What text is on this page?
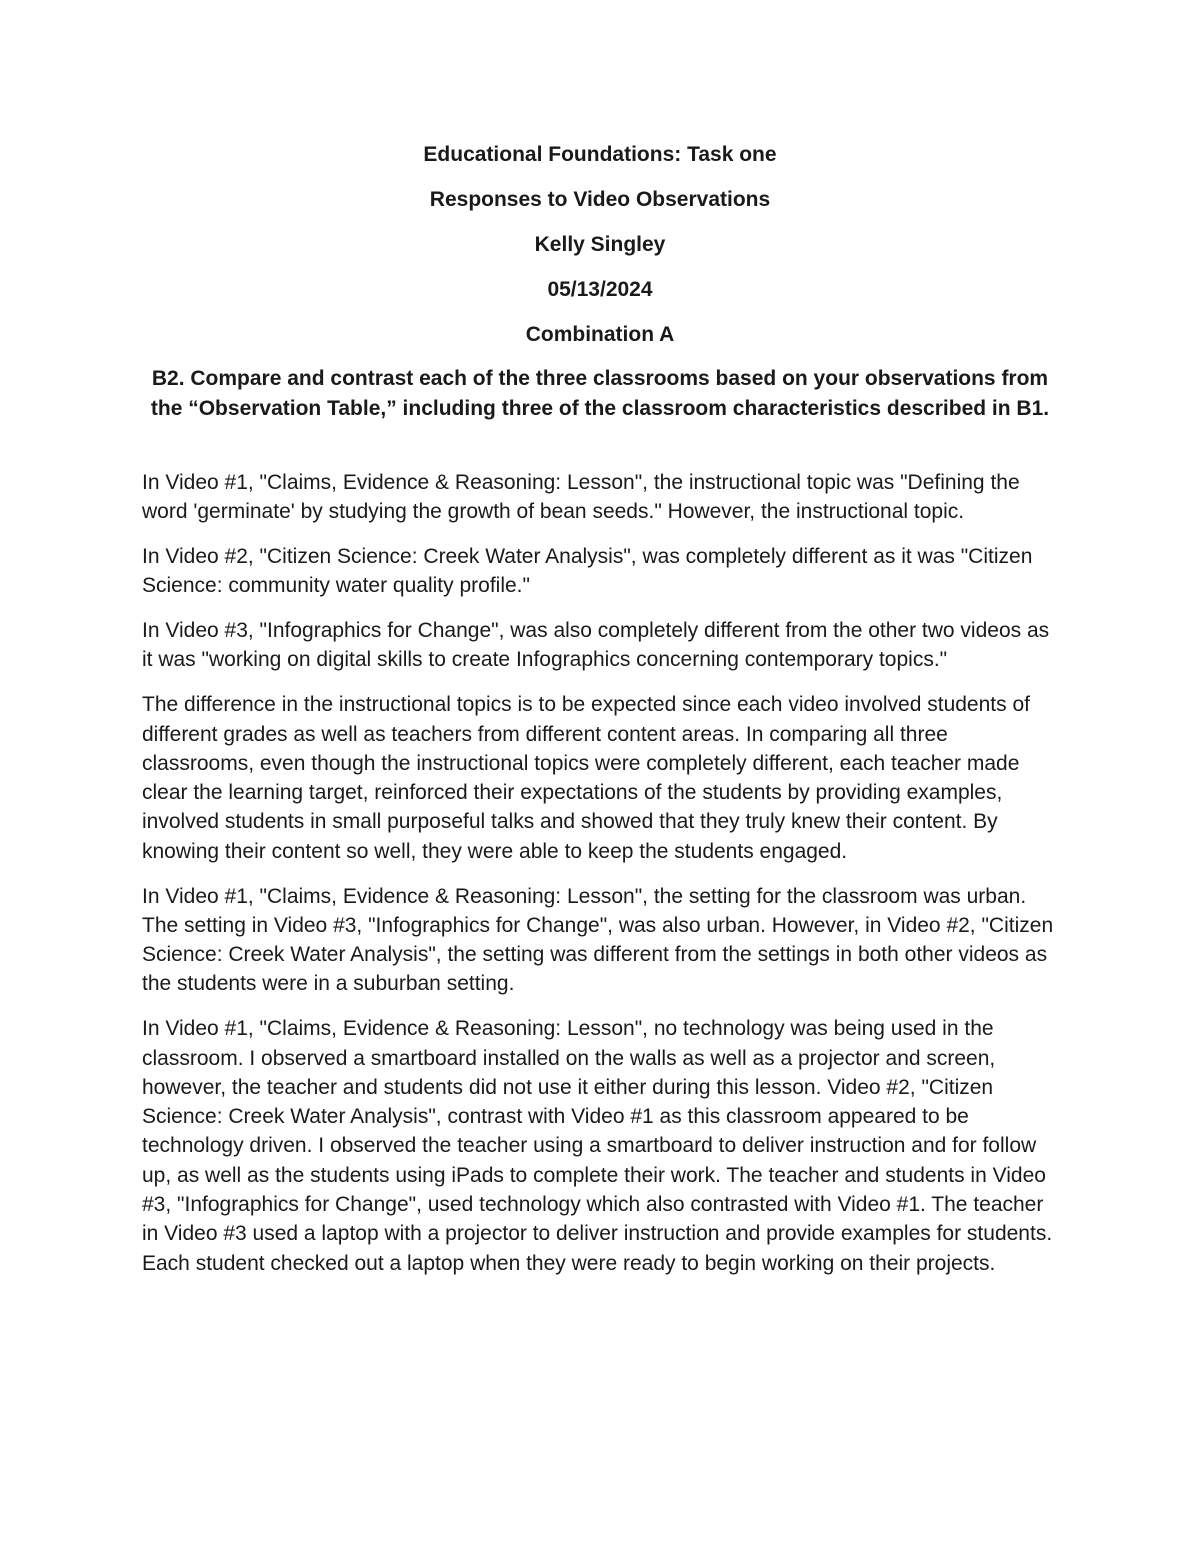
Educational Foundations: Task one
Responses to Video Observations
Kelly Singley
05/13/2024
Combination A
B2. Compare and contrast each of the three classrooms based on your observations from the “Observation Table,” including three of the classroom characteristics described in B1.

In Video #1, "Claims, Evidence & Reasoning: Lesson", the instructional topic was "Defining the word 'germinate' by studying the growth of bean seeds." However, the instructional topic.

In Video #2, "Citizen Science: Creek Water Analysis", was completely different as it was "Citizen Science: community water quality profile."

In Video #3, "Infographics for Change", was also completely different from the other two videos as it was "working on digital skills to create Infographics concerning contemporary topics."

The difference in the instructional topics is to be expected since each video involved students of different grades as well as teachers from different content areas. In comparing all three classrooms, even though the instructional topics were completely different, each teacher made clear the learning target, reinforced their expectations of the students by providing examples, involved students in small purposeful talks and showed that they truly knew their content. By knowing their content so well, they were able to keep the students engaged.

In Video #1, "Claims, Evidence & Reasoning: Lesson", the setting for the classroom was urban. The setting in Video #3, "Infographics for Change", was also urban. However, in Video #2, "Citizen Science: Creek Water Analysis", the setting was different from the settings in both other videos as the students were in a suburban setting.

In Video #1, "Claims, Evidence & Reasoning: Lesson", no technology was being used in the classroom. I observed a smartboard installed on the walls as well as a projector and screen, however, the teacher and students did not use it either during this lesson. Video #2, "Citizen Science: Creek Water Analysis", contrast with Video #1 as this classroom appeared to be technology driven. I observed the teacher using a smartboard to deliver instruction and for follow up, as well as the students using iPads to complete their work. The teacher and students in Video #3, "Infographics for Change", used technology which also contrasted with Video #1. The teacher in Video #3 used a laptop with a projector to deliver instruction and provide examples for students. Each student checked out a laptop when they were ready to begin working on their projects.
